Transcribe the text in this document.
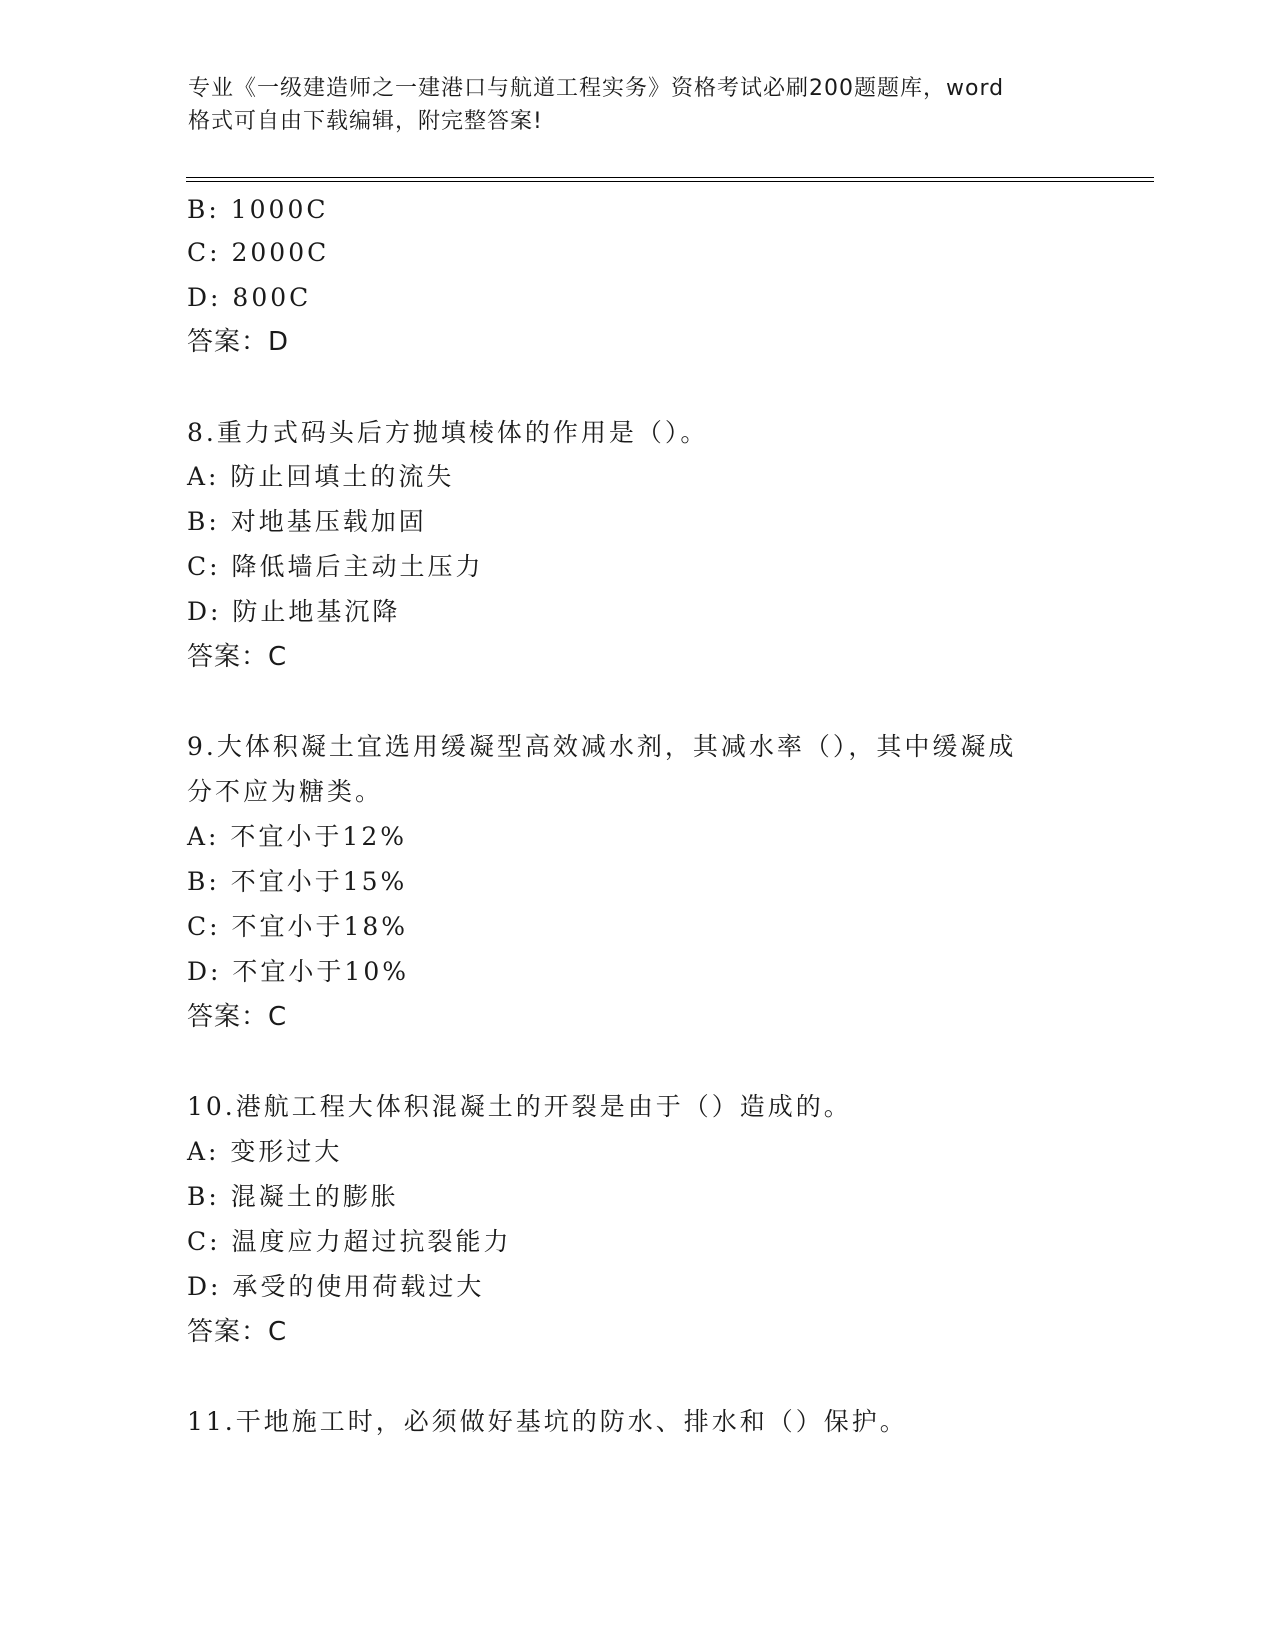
专业《一级建造师之一建港口与航道工程实务》资格考试必刷200题题库，word
格式可自由下载编辑，附完整答案!
B: 1000C
C: 2000C
D: 800C
答案：D
8.重力式码头后方抛填棱体的作用是（）。
A: 防止回填土的流失
B: 对地基压载加固
C: 降低墙后主动土压力
D: 防止地基沉降
答案：C
9.大体积凝土宜选用缓凝型高效减水剂，其减水率（），其中缓凝成
分不应为糖类。
A: 不宜小于12%
B: 不宜小于15%
C: 不宜小于18%
D: 不宜小于10%
答案：C
10.港航工程大体积混凝土的开裂是由于（）造成的。
A: 变形过大
B: 混凝土的膨胀
C: 温度应力超过抗裂能力
D: 承受的使用荷载过大
答案：C
11.干地施工时，必须做好基坑的防水、排水和（）保护。
